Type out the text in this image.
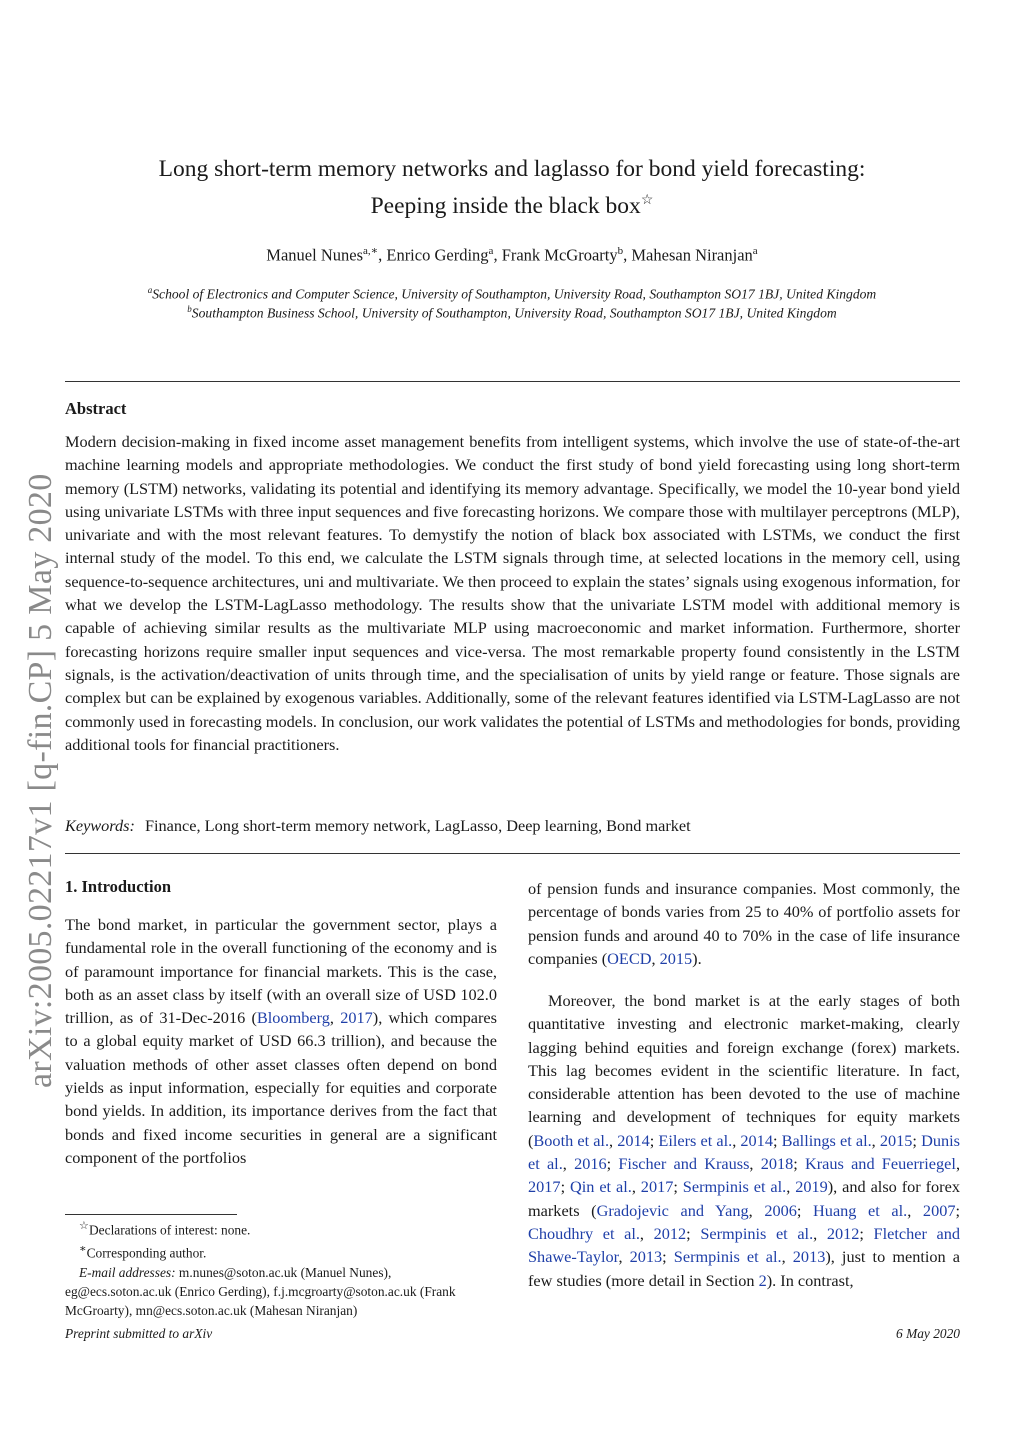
arXiv:2005.02217v1 [q-fin.CP] 5 May 2020
Long short-term memory networks and laglasso for bond yield forecasting:
Peeping inside the black box☆
Manuel Nunes$^{a,∗}$, Enrico Gerding$^a$, Frank McGroarty$^b$, Mahesan Niranjan$^a$
$^a$School of Electronics and Computer Science, University of Southampton, University Road, Southampton SO17 1BJ, United Kingdom
$^b$Southampton Business School, University of Southampton, University Road, Southampton SO17 1BJ, United Kingdom
Abstract
Modern decision-making in fixed income asset management benefits from intelligent systems, which involve the use of state-of-the-art machine learning models and appropriate methodologies. We conduct the first study of bond yield forecasting using long short-term memory (LSTM) networks, validating its potential and identifying its memory advantage. Specifically, we model the 10-year bond yield using univariate LSTMs with three input sequences and five forecasting horizons. We compare those with multilayer perceptrons (MLP), univariate and with the most relevant features. To demystify the notion of black box associated with LSTMs, we conduct the first internal study of the model. To this end, we calculate the LSTM signals through time, at selected locations in the memory cell, using sequence-to-sequence architectures, uni and multivariate. We then proceed to explain the states’ signals using exogenous information, for what we develop the LSTM-LagLasso methodology. The results show that the univariate LSTM model with additional memory is capable of achieving similar results as the multivariate MLP using macroeconomic and market information. Furthermore, shorter forecasting horizons require smaller input sequences and vice-versa. The most remarkable property found consistently in the LSTM signals, is the activation/deactivation of units through time, and the specialisation of units by yield range or feature. Those signals are complex but can be explained by exogenous variables. Additionally, some of the relevant features identified via LSTM-LagLasso are not commonly used in forecasting models. In conclusion, our work validates the potential of LSTMs and methodologies for bonds, providing additional tools for financial practitioners.
Keywords: Finance, Long short-term memory network, LagLasso, Deep learning, Bond market
1. Introduction
The bond market, in particular the government sector, plays a fundamental role in the overall functioning of the economy and is of paramount importance for financial markets. This is the case, both as an asset class by itself (with an overall size of USD 102.0 trillion, as of 31-Dec-2016 (Bloomberg, 2017), which compares to a global equity market of USD 66.3 trillion), and because the valuation methods of other asset classes often depend on bond yields as input information, especially for equities and corporate bond yields. In addition, its importance derives from the fact that bonds and fixed income securities in general are a significant component of the portfolios

of pension funds and insurance companies. Most commonly, the percentage of bonds varies from 25 to 40% of portfolio assets for pension funds and around 40 to 70% in the case of life insurance companies (OECD, 2015).

Moreover, the bond market is at the early stages of both quantitative investing and electronic market-making, clearly lagging behind equities and foreign exchange (forex) markets. This lag becomes evident in the scientific literature. In fact, considerable attention has been devoted to the use of machine learning and development of techniques for equity markets (Booth et al., 2014; Eilers et al., 2014; Ballings et al., 2015; Dunis et al., 2016; Fischer and Krauss, 2018; Kraus and Feuerriegel, 2017; Qin et al., 2017; Sermpinis et al., 2019), and also for forex markets (Gradojevic and Yang, 2006; Huang et al., 2007; Choudhry et al., 2012; Sermpinis et al., 2012; Fletcher and Shawe-Taylor, 2013; Sermpinis et al., 2013), just to mention a few studies (more detail in Section 2). In contrast,

☆Declarations of interest: none.
∗Corresponding author.
E-mail addresses: m.nunes@soton.ac.uk (Manuel Nunes), eg@ecs.soton.ac.uk (Enrico Gerding), f.j.mcgroarty@soton.ac.uk (Frank McGroarty), mn@ecs.soton.ac.uk (Mahesan Niranjan)
Preprint submitted to arXiv	6 May 2020
